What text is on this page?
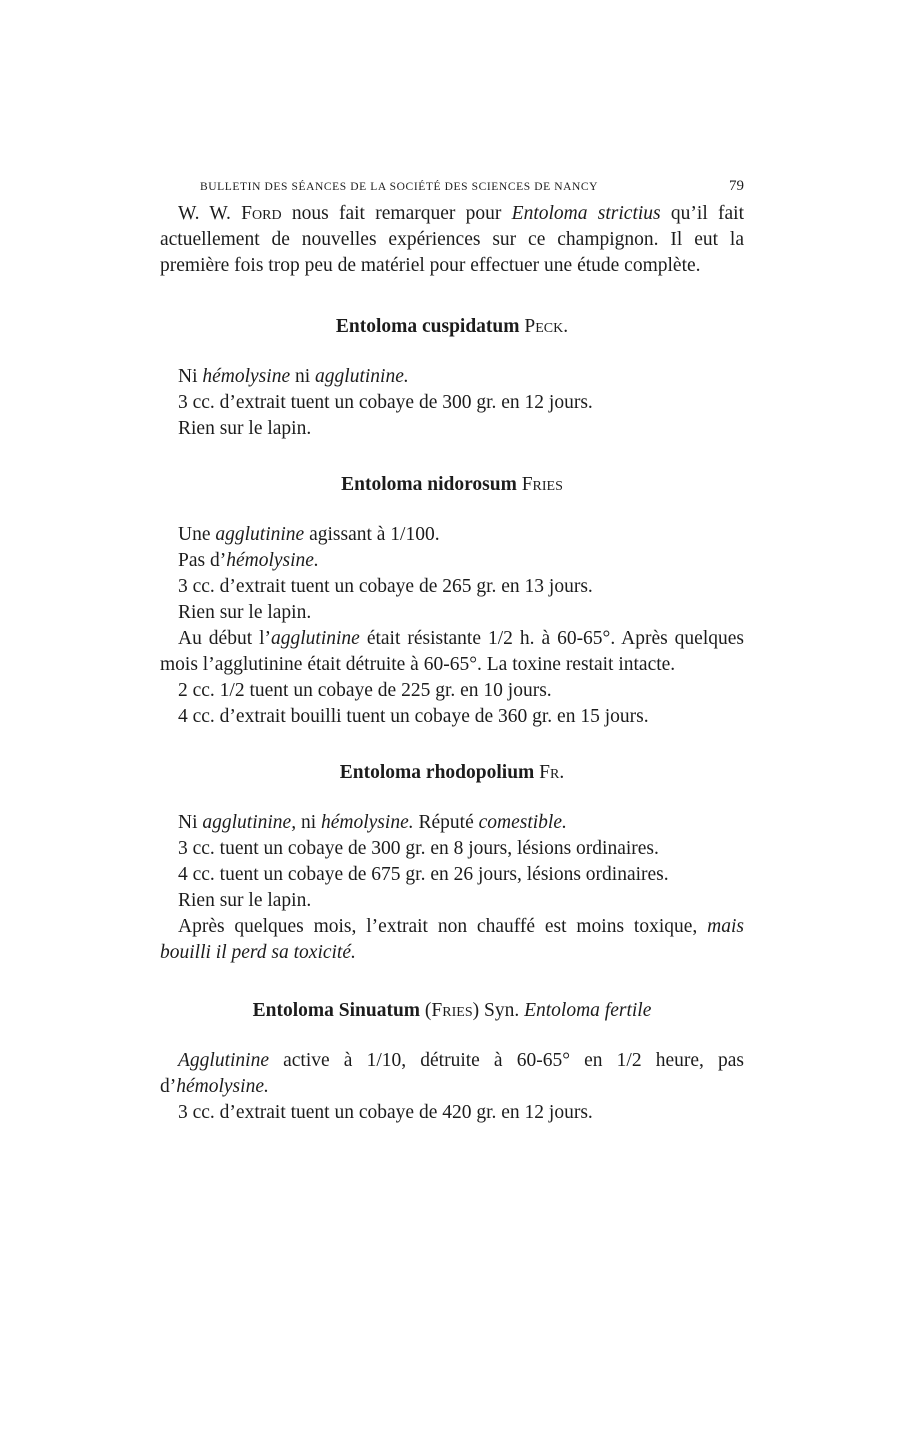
BULLETIN DES SÉANCES DE LA SOCIÉTÉ DES SCIENCES DE NANCY	79

W. W. Ford nous fait remarquer pour Entoloma strictius qu’il fait actuellement de nouvelles expériences sur ce champignon. Il eut la première fois trop peu de matériel pour effectuer une étude complète.

Entoloma cuspidatum Peck.

Ni hémolysine ni agglutinine.

3 cc. d’extrait tuent un cobaye de 300 gr. en 12 jours.

Rien sur le lapin.

Entoloma nidorosum Fries

Une agglutinine agissant à 1/100.

Pas d’hémolysine.

3 cc. d’extrait tuent un cobaye de 265 gr. en 13 jours.

Rien sur le lapin.

Au début l’agglutinine était résistante 1/2 h. à 60-65°. Après quelques mois l’agglutinine était détruite à 60-65°. La toxine restait intacte.

2 cc. 1/2 tuent un cobaye de 225 gr. en 10 jours.

4 cc. d’extrait bouilli tuent un cobaye de 360 gr. en 15 jours.

Entoloma rhodopolium Fr.

Ni agglutinine, ni hémolysine. Réputé comestible.

3 cc. tuent un cobaye de 300 gr. en 8 jours, lésions ordinaires.

4 cc. tuent un cobaye de 675 gr. en 26 jours, lésions ordinaires.

Rien sur le lapin.

Après quelques mois, l’extrait non chauffé est moins toxique, mais bouilli il perd sa toxicité.

Entoloma Sinuatum (Fries) Syn. Entoloma fertile

Agglutinine active à 1/10, détruite à 60-65° en 1/2 heure, pas d’hémolysine.

3 cc. d’extrait tuent un cobaye de 420 gr. en 12 jours.
